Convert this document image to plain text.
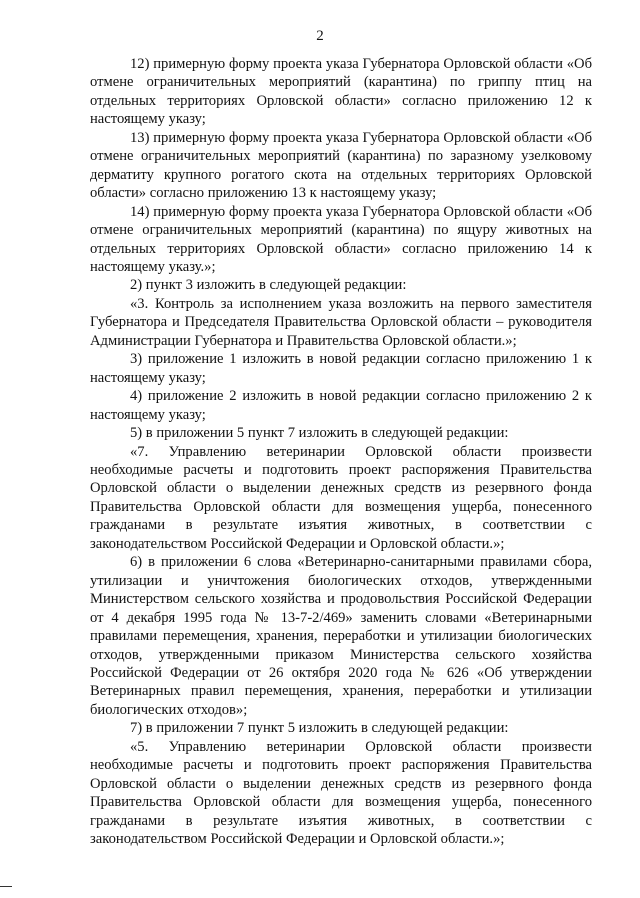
2

12) примерную форму проекта указа Губернатора Орловской области «Об отмене ограничительных мероприятий (карантина) по гриппу птиц на отдельных территориях Орловской области» согласно приложению 12 к настоящему указу;

13) примерную форму проекта указа Губернатора Орловской области «Об отмене ограничительных мероприятий (карантина) по заразному узелковому дерматиту крупного рогатого скота на отдельных территориях Орловской области» согласно приложению 13 к настоящему указу;

14) примерную форму проекта указа Губернатора Орловской области «Об отмене ограничительных мероприятий (карантина) по ящуру животных на отдельных территориях Орловской области» согласно приложению 14 к настоящему указу.»;

2) пункт 3 изложить в следующей редакции:

«3. Контроль за исполнением указа возложить на первого заместителя Губернатора и Председателя Правительства Орловской области – руководителя Администрации Губернатора и Правительства Орловской области.»;

3) приложение 1 изложить в новой редакции согласно приложению 1 к настоящему указу;

4) приложение 2 изложить в новой редакции согласно приложению 2 к настоящему указу;

5) в приложении 5 пункт 7 изложить в следующей редакции:

«7. Управлению ветеринарии Орловской области произвести необходимые расчеты и подготовить проект распоряжения Правительства Орловской области о выделении денежных средств из резервного фонда Правительства Орловской области для возмещения ущерба, понесенного гражданами в результате изъятия животных, в соответствии с законодательством Российской Федерации и Орловской области.»;

6) в приложении 6 слова «Ветеринарно-санитарными правилами сбора, утилизации и уничтожения биологических отходов, утвержденными Министерством сельского хозяйства и продовольствия Российской Федерации от 4 декабря 1995 года № 13-7-2/469» заменить словами «Ветеринарными правилами перемещения, хранения, переработки и утилизации биологических отходов, утвержденными приказом Министерства сельского хозяйства Российской Федерации от 26 октября 2020 года № 626 «Об утверждении Ветеринарных правил перемещения, хранения, переработки и утилизации биологических отходов»;

7) в приложении 7 пункт 5 изложить в следующей редакции:

«5. Управлению ветеринарии Орловской области произвести необходимые расчеты и подготовить проект распоряжения Правительства Орловской области о выделении денежных средств из резервного фонда Правительства Орловской области для возмещения ущерба, понесенного гражданами в результате изъятия животных, в соответствии с законодательством Российской Федерации и Орловской области.»;
